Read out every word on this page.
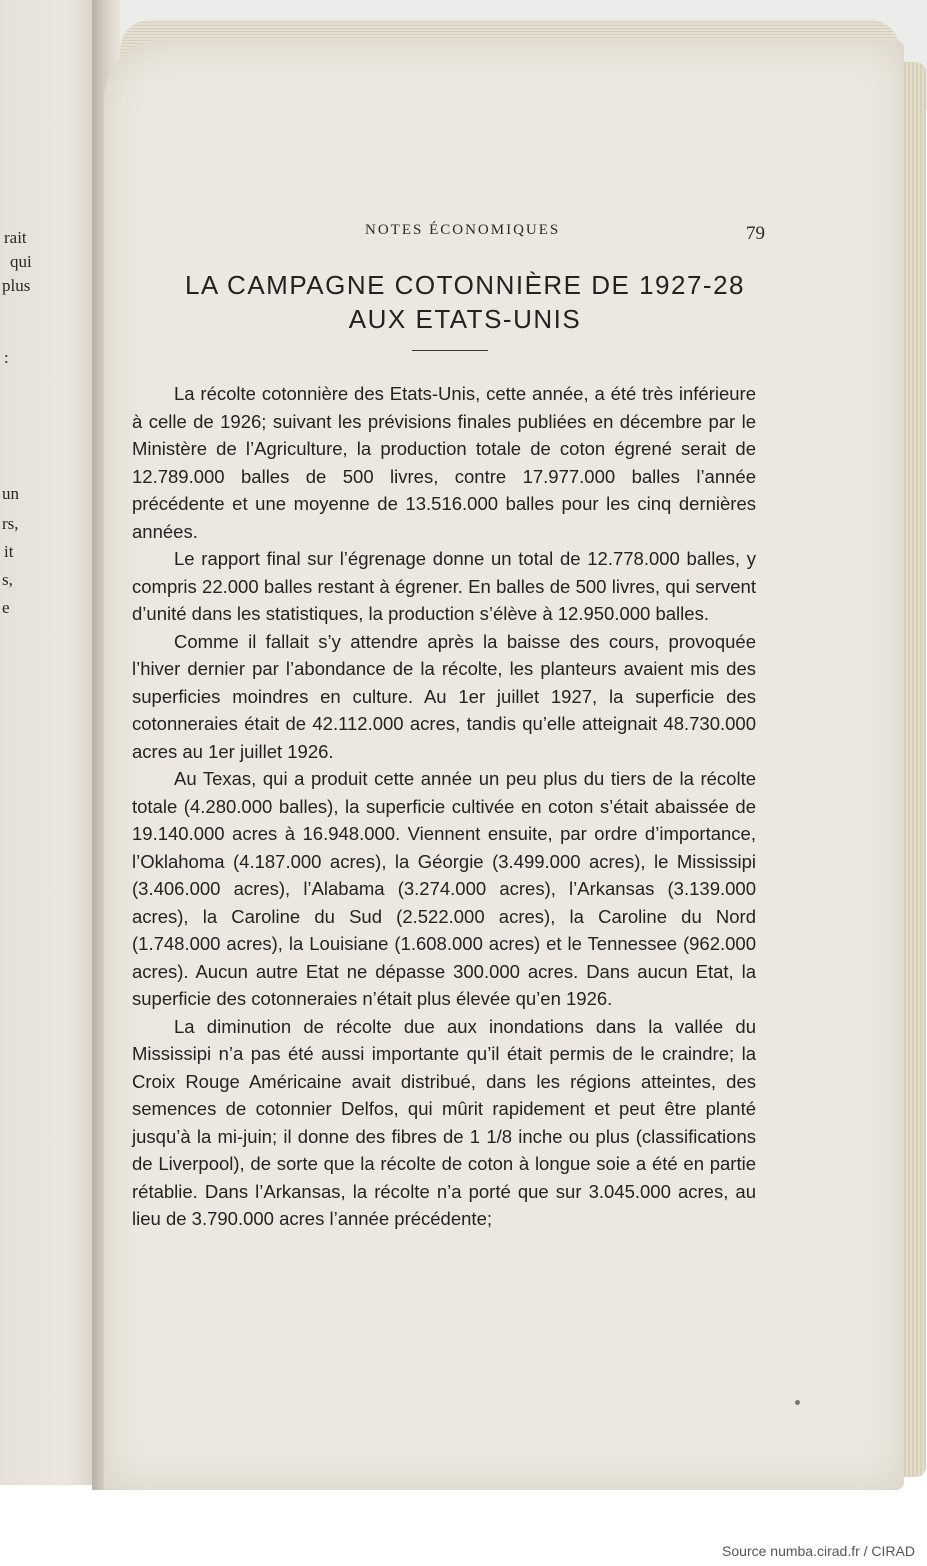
rait
qui
plus
:
un
rs,
it
s,
e
NOTES ÉCONOMIQUES	79
LA CAMPAGNE COTONNIÈRE DE 1927-28
AUX ETATS-UNIS

La récolte cotonnière des Etats-Unis, cette année, a été très inférieure à celle de 1926; suivant les prévisions finales publiées en décembre par le Ministère de l’Agriculture, la production totale de coton égrené serait de 12.789.000 balles de 500 livres, contre 17.977.000 balles l’année précédente et une moyenne de 13.516.000 balles pour les cinq dernières années.

Le rapport final sur l’égrenage donne un total de 12.778.000 balles, y compris 22.000 balles restant à égrener. En balles de 500 livres, qui servent d’unité dans les statistiques, la production s’élève à 12.950.000 balles.

Comme il fallait s’y attendre après la baisse des cours, provoquée l’hiver dernier par l’abondance de la récolte, les planteurs avaient mis des superficies moindres en culture. Au 1er juillet 1927, la superficie des cotonneraies était de 42.112.000 acres, tandis qu’elle atteignait 48.730.000 acres au 1er juillet 1926.

Au Texas, qui a produit cette année un peu plus du tiers de la récolte totale (4.280.000 balles), la superficie cultivée en coton s’était abaissée de 19.140.000 acres à 16.948.000. Viennent ensuite, par ordre d’importance, l’Oklahoma (4.187.000 acres), la Géorgie (3.499.000 acres), le Mississipi (3.406.000 acres), l’Alabama (3.274.000 acres), l’Arkansas (3.139.000 acres), la Caroline du Sud (2.522.000 acres), la Caroline du Nord (1.748.000 acres), la Louisiane (1.608.000 acres) et le Tennessee (962.000 acres). Aucun autre Etat ne dépasse 300.000 acres. Dans aucun Etat, la superficie des cotonneraies n’était plus élevée qu’en 1926.

La diminution de récolte due aux inondations dans la vallée du Mississipi n’a pas été aussi importante qu’il était permis de le craindre; la Croix Rouge Américaine avait distribué, dans les régions atteintes, des semences de cotonnier Delfos, qui mûrit rapidement et peut être planté jusqu’à la mi-juin; il donne des fibres de 1 1/8 inche ou plus (classifications de Liverpool), de sorte que la récolte de coton à longue soie a été en partie rétablie. Dans l’Arkansas, la récolte n’a porté que sur 3.045.000 acres, au lieu de 3.790.000 acres l’année précédente;

Source numba.cirad.fr / CIRAD
